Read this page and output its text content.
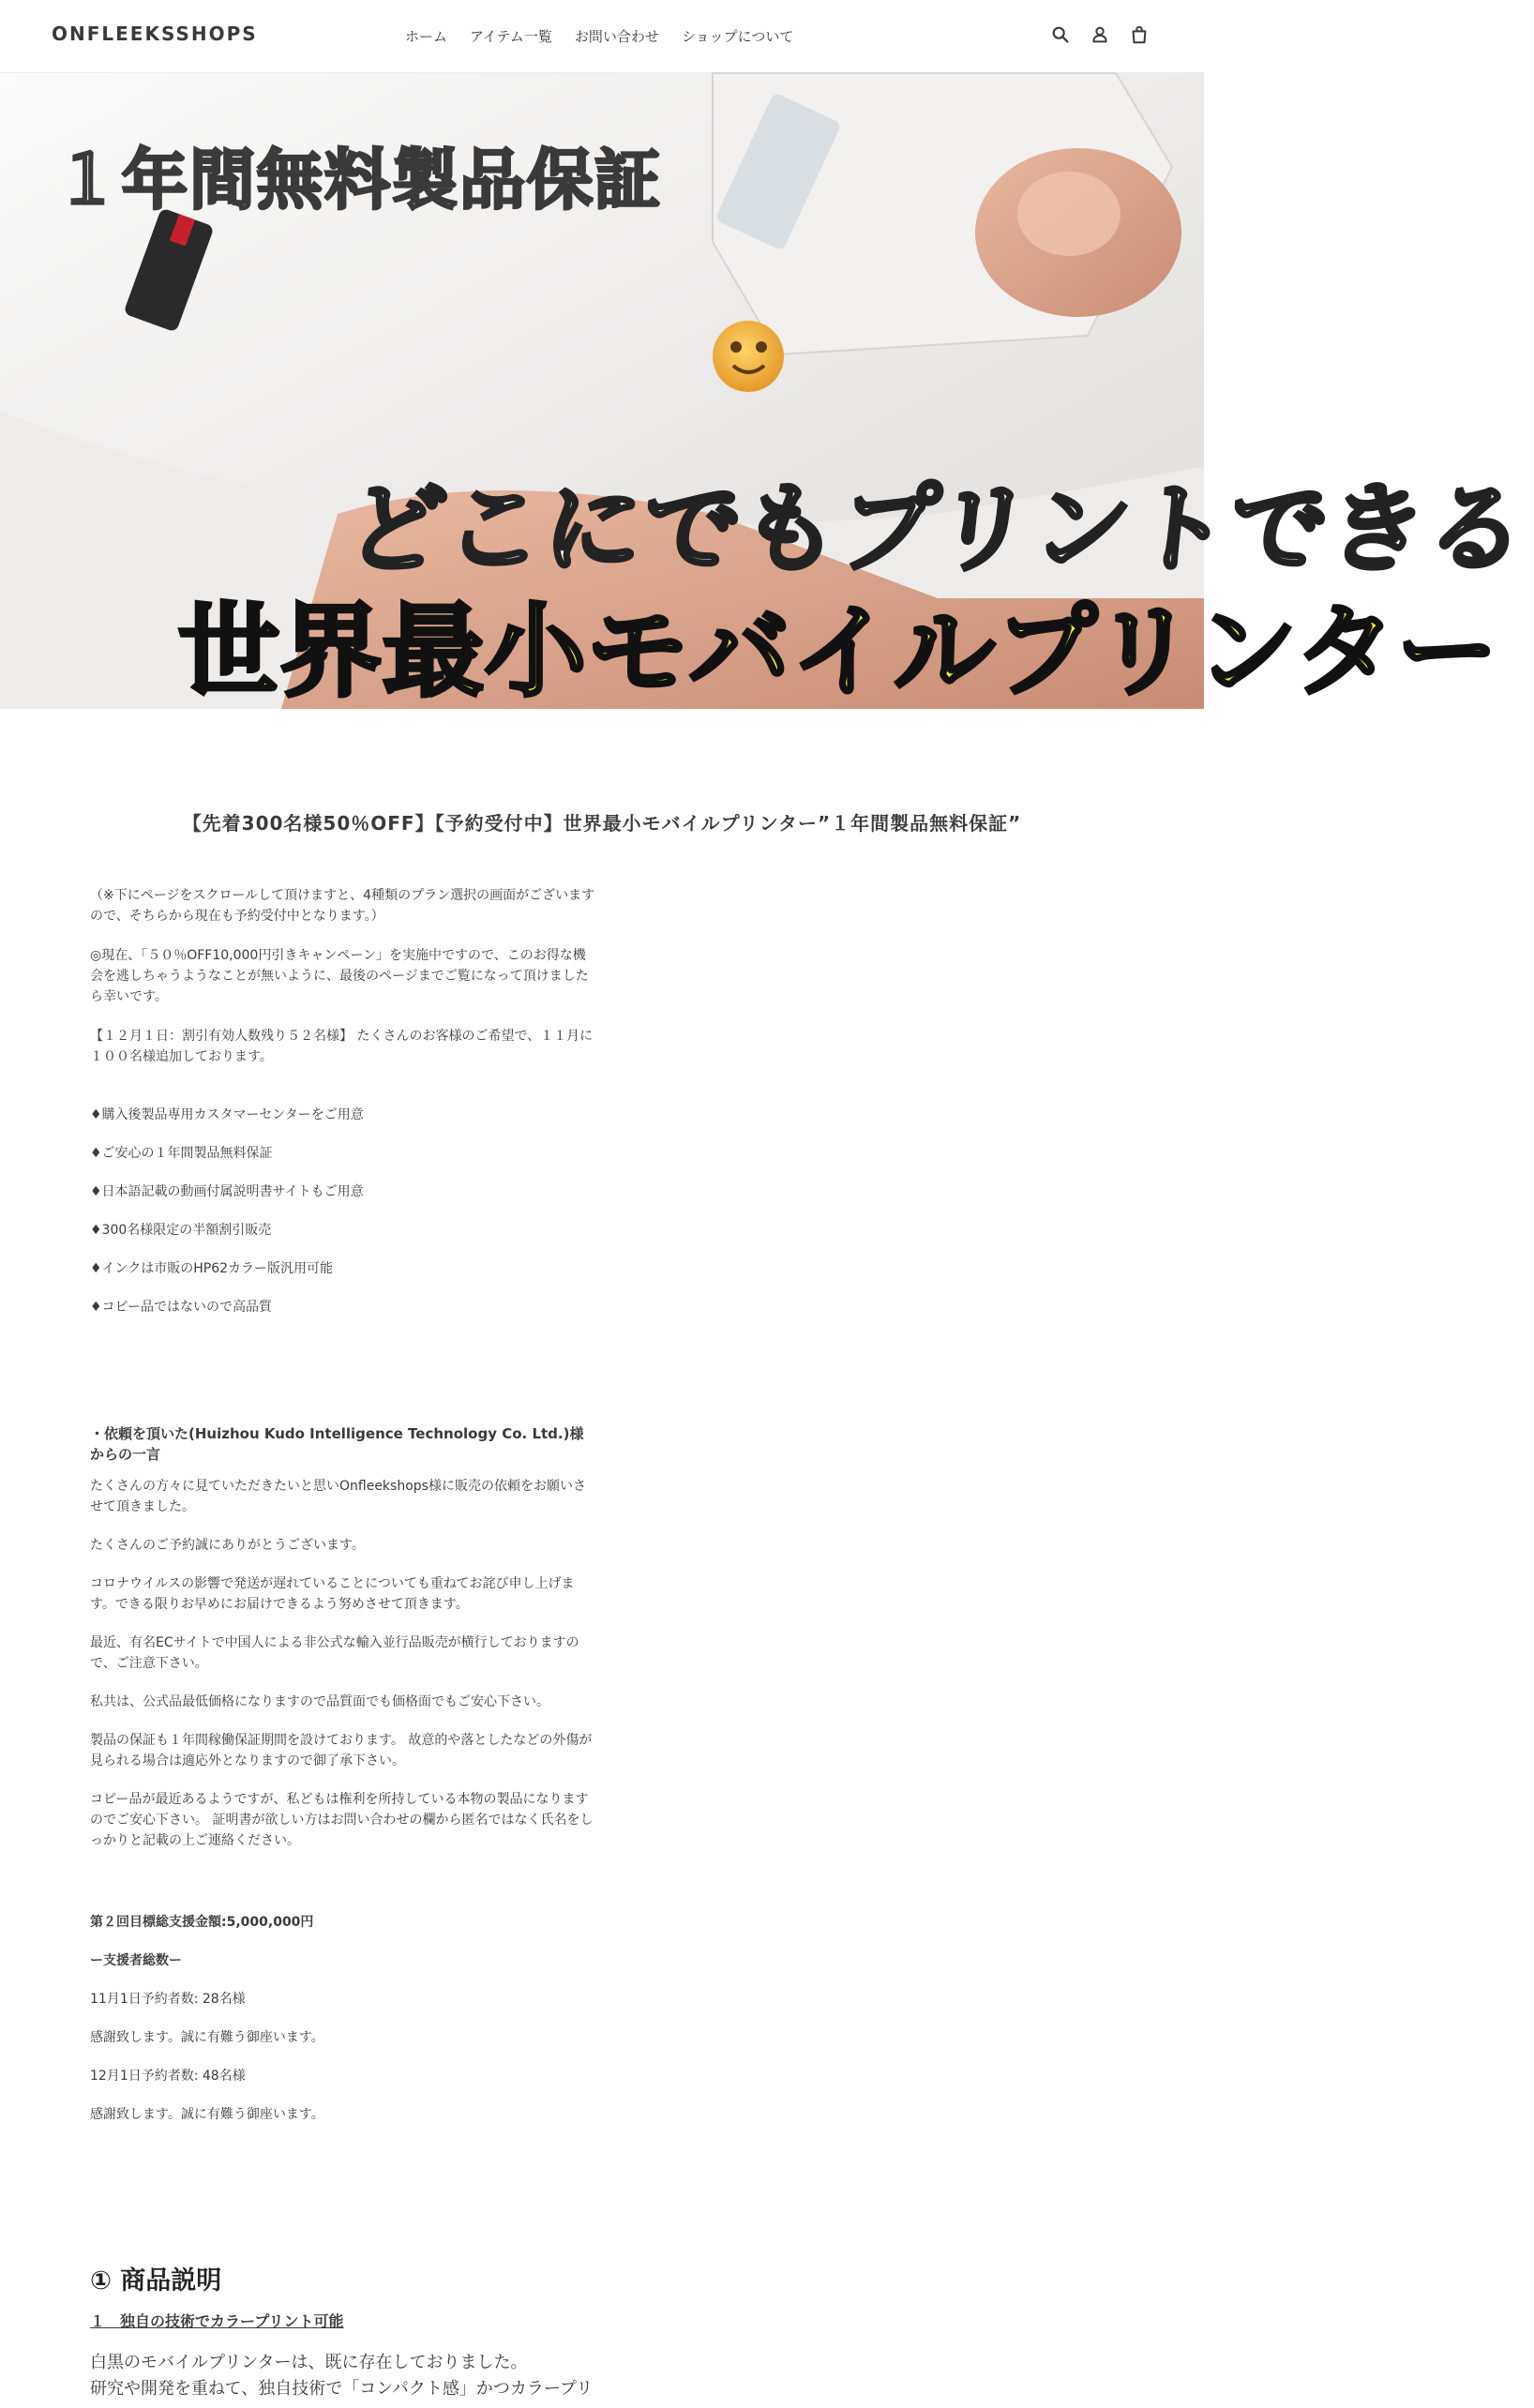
ONFLEEKSSHOPS	ホーム アイテム一覧 お問い合わせ ショップについて
１年間無料製品保証
どこにでもプリントできる
世界最小モバイルプリンター
【先着300名様50％OFF】【予約受付中】世界最小モバイルプリンター”１年間製品無料保証”

（※下にページをスクロールして頂けますと、4種類のプラン選択の画面がございますので、そちらから現在も予約受付中となります。）

◎現在、「５０％OFF10,000円引きキャンペーン」を実施中ですので、このお得な機会を逃しちゃうようなことが無いように、最後のページまでご覧になって頂けましたら幸いです。

【１２月１日：割引有効人数残り５２名様】 たくさんのお客様のご希望で、１１月に１００名様追加しております。

♦購入後製品専用カスタマーセンターをご用意

♦ご安心の１年間製品無料保証

♦日本語記載の動画付属説明書サイトもご用意

♦300名様限定の半額割引販売

♦インクは市販のHP62カラー版汎用可能

♦コピー品ではないので高品質

・依頼を頂いた(Huizhou Kudo Intelligence Technology Co. Ltd.)様からの一言

たくさんの方々に見ていただきたいと思いOnfleekshops様に販売の依頼をお願いさせて頂きました。

たくさんのご予約誠にありがとうございます。

コロナウイルスの影響で発送が遅れていることについても重ねてお詫び申し上げます。できる限りお早めにお届けできるよう努めさせて頂きます。

最近、有名ECサイトで中国人による非公式な輸入並行品販売が横行しておりますので、ご注意下さい。

私共は、公式品最低価格になりますので品質面でも価格面でもご安心下さい。

製品の保証も１年間稼働保証期間を設けております。 故意的や落としたなどの外傷が見られる場合は適応外となりますので御了承下さい。

コピー品が最近あるようですが、私どもは権利を所持している本物の製品になりますのでご安心下さい。 証明書が欲しい方はお問い合わせの欄から匿名ではなく氏名をしっかりと記載の上ご連絡ください。

第２回目標総支援金額:5,000,000円

ー支援者総数ー

11月1日予約者数: 28名様

感謝致します。誠に有難う御座います。

12月1日予約者数: 48名様

感謝致します。誠に有難う御座います。

① 商品説明

１　独自の技術でカラープリント可能

白黒のモバイルプリンターは、既に存在しておりました。

研究や開発を重ねて、独自技術で「コンパクト感」かつカラープリ
